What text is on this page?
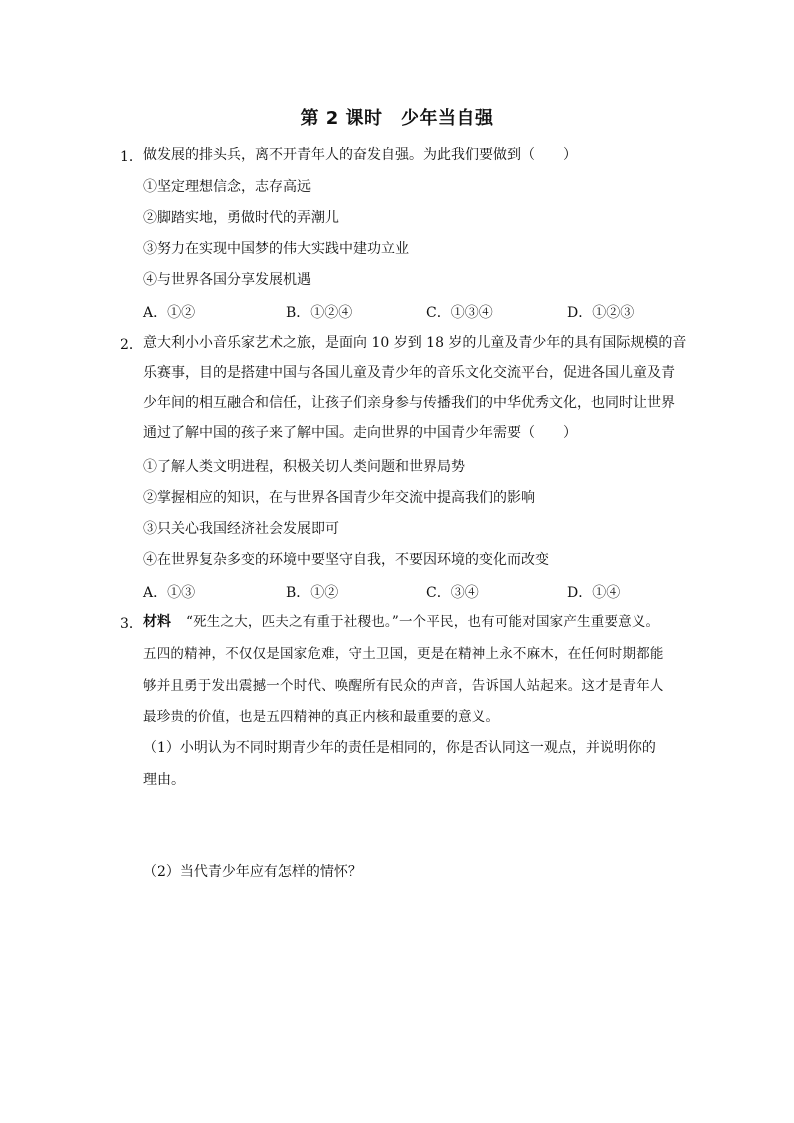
第 2 课时　少年当自强
1． 做发展的排头兵，离不开青年人的奋发自强。为此我们要做到（　　）
①坚定理想信念，志存高远
②脚踏实地，勇做时代的弄潮儿
③努力在实现中国梦的伟大实践中建功立业
④与世界各国分享发展机遇
A．①②	B．①②④	C．①③④	D．①②③
2． 意大利小小音乐家艺术之旅，是面向 10 岁到 18 岁的儿童及青少年的具有国际规模的音
乐赛事，目的是搭建中国与各国儿童及青少年的音乐文化交流平台，促进各国儿童及青
少年间的相互融合和信任，让孩子们亲身参与传播我们的中华优秀文化，也同时让世界
通过了解中国的孩子来了解中国。走向世界的中国青少年需要（　　）
①了解人类文明进程，积极关切人类问题和世界局势
②掌握相应的知识，在与世界各国青少年交流中提高我们的影响
③只关心我国经济社会发展即可
④在世界复杂多变的环境中要坚守自我，不要因环境的变化而改变
A．①③	B．①②	C．③④	D．①④
3． 材料 “死生之大，匹夫之有重于社稷也。”一个平民，也有可能对国家产生重要意义。
五四的精神，不仅仅是国家危难，守土卫国，更是在精神上永不麻木，在任何时期都能
够并且勇于发出震撼一个时代、唤醒所有民众的声音，告诉国人站起来。这才是青年人
最珍贵的价值，也是五四精神的真正内核和最重要的意义。
（1）小明认为不同时期青少年的责任是相同的，你是否认同这一观点，并说明你的
理由。
（2）当代青少年应有怎样的情怀？
